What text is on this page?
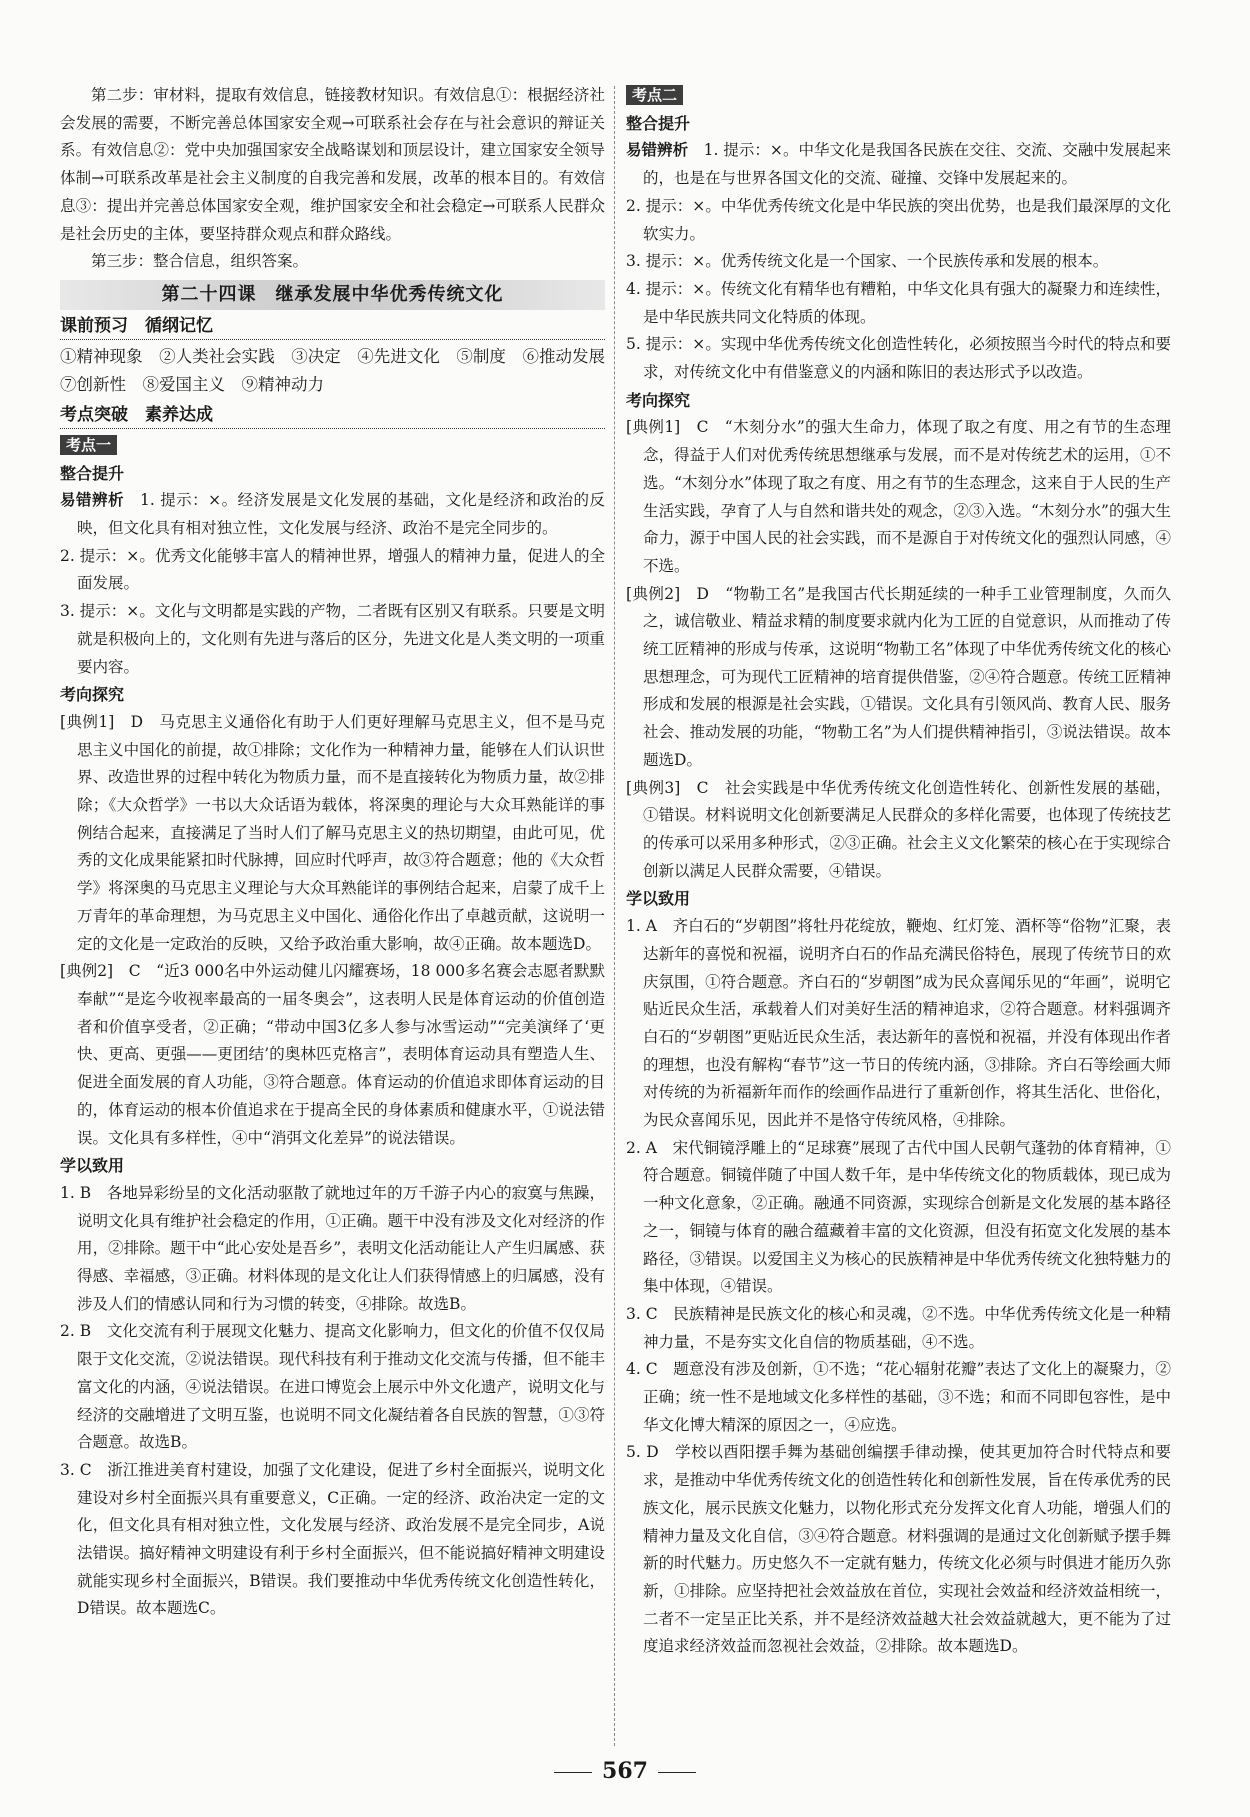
第二步：审材料，提取有效信息，链接教材知识。有效信息①：根据经济社会发展的需要，不断完善总体国家安全观→可联系社会存在与社会意识的辩证关系。有效信息②：党中央加强国家安全战略谋划和顶层设计，建立国家安全领导体制→可联系改革是社会主义制度的自我完善和发展，改革的根本目的。有效信息③：提出并完善总体国家安全观，维护国家安全和社会稳定→可联系人民群众是社会历史的主体，要坚持群众观点和群众路线。

第三步：整合信息，组织答案。

第二十四课　继承发展中华优秀传统文化
课前预习　循纲记忆

①精神现象　②人类社会实践　③决定　④先进文化　⑤制度　⑥推动发展　⑦创新性　⑧爱国主义　⑨精神动力

考点突破　素养达成
考点一
整合提升

易错辨析　 1. 提示：×。经济发展是文化发展的基础，文化是经济和政治的反映，但文化具有相对独立性，文化发展与经济、政治不是完全同步的。

2. 提示：×。优秀文化能够丰富人的精神世界，增强人的精神力量，促进人的全面发展。

3. 提示：×。文化与文明都是实践的产物，二者既有区别又有联系。只要是文明就是积极向上的，文化则有先进与落后的区分，先进文化是人类文明的一项重要内容。

考向探究

[典例1]　D　马克思主义通俗化有助于人们更好理解马克思主义，但不是马克思主义中国化的前提，故①排除；文化作为一种精神力量，能够在人们认识世界、改造世界的过程中转化为物质力量，而不是直接转化为物质力量，故②排除；《大众哲学》一书以大众话语为载体，将深奥的理论与大众耳熟能详的事例结合起来，直接满足了当时人们了解马克思主义的热切期望，由此可见，优秀的文化成果能紧扣时代脉搏，回应时代呼声，故③符合题意；他的《大众哲学》将深奥的马克思主义理论与大众耳熟能详的事例结合起来，启蒙了成千上万青年的革命理想，为马克思主义中国化、通俗化作出了卓越贡献，这说明一定的文化是一定政治的反映，又给予政治重大影响，故④正确。故本题选D。

[典例2]　C　“近3 000名中外运动健儿闪耀赛场，18 000多名赛会志愿者默默奉献”“是迄今收视率最高的一届冬奥会”，这表明人民是体育运动的价值创造者和价值享受者，②正确；“带动中国3亿多人参与冰雪运动”“完美演绎了‘更快、更高、更强——更团结’的奥林匹克格言”，表明体育运动具有塑造人生、促进全面发展的育人功能，③符合题意。体育运动的价值追求即体育运动的目的，体育运动的根本价值追求在于提高全民的身体素质和健康水平，①说法错误。文化具有多样性，④中“消弭文化差异”的说法错误。

学以致用

1. B　各地异彩纷呈的文化活动驱散了就地过年的万千游子内心的寂寞与焦躁，说明文化具有维护社会稳定的作用，①正确。题干中没有涉及文化对经济的作用，②排除。题干中“此心安处是吾乡”，表明文化活动能让人产生归属感、获得感、幸福感，③正确。材料体现的是文化让人们获得情感上的归属感，没有涉及人们的情感认同和行为习惯的转变，④排除。故选B。

2. B　文化交流有利于展现文化魅力、提高文化影响力，但文化的价值不仅仅局限于文化交流，②说法错误。现代科技有利于推动文化交流与传播，但不能丰富文化的内涵，④说法错误。在进口博览会上展示中外文化遗产，说明文化与经济的交融增进了文明互鉴，也说明不同文化凝结着各自民族的智慧，①③符合题意。故选B。

3. C　浙江推进美育村建设，加强了文化建设，促进了乡村全面振兴，说明文化建设对乡村全面振兴具有重要意义，C正确。一定的经济、政治决定一定的文化，但文化具有相对独立性，文化发展与经济、政治发展不是完全同步，A说法错误。搞好精神文明建设有利于乡村全面振兴，但不能说搞好精神文明建设就能实现乡村全面振兴，B错误。我们要推动中华优秀传统文化创造性转化，D错误。故本题选C。

考点二
整合提升

易错辨析　 1. 提示：×。中华文化是我国各民族在交往、交流、交融中发展起来的，也是在与世界各国文化的交流、碰撞、交锋中发展起来的。

2. 提示：×。中华优秀传统文化是中华民族的突出优势，也是我们最深厚的文化软实力。

3. 提示：×。优秀传统文化是一个国家、一个民族传承和发展的根本。

4. 提示：×。传统文化有精华也有糟粕，中华文化具有强大的凝聚力和连续性，是中华民族共同文化特质的体现。

5. 提示：×。实现中华优秀传统文化创造性转化，必须按照当今时代的特点和要求，对传统文化中有借鉴意义的内涵和陈旧的表达形式予以改造。

考向探究

[典例1]　C　“木刻分水”的强大生命力，体现了取之有度、用之有节的生态理念，得益于人们对优秀传统思想继承与发展，而不是对传统艺术的运用，①不选。“木刻分水”体现了取之有度、用之有节的生态理念，这来自于人民的生产生活实践，孕育了人与自然和谐共处的观念，②③入选。“木刻分水”的强大生命力，源于中国人民的社会实践，而不是源自于对传统文化的强烈认同感，④不选。

[典例2]　D　“物勒工名”是我国古代长期延续的一种手工业管理制度，久而久之，诚信敬业、精益求精的制度要求就内化为工匠的自觉意识，从而推动了传统工匠精神的形成与传承，这说明“物勒工名”体现了中华优秀传统文化的核心思想理念，可为现代工匠精神的培育提供借鉴，②④符合题意。传统工匠精神形成和发展的根源是社会实践，①错误。文化具有引领风尚、教育人民、服务社会、推动发展的功能，“物勒工名”为人们提供精神指引，③说法错误。故本题选D。

[典例3]　C　社会实践是中华优秀传统文化创造性转化、创新性发展的基础，①错误。材料说明文化创新要满足人民群众的多样化需要，也体现了传统技艺的传承可以采用多种形式，②③正确。社会主义文化繁荣的核心在于实现综合创新以满足人民群众需要，④错误。

学以致用

1. A　齐白石的“岁朝图”将牡丹花绽放，鞭炮、红灯笼、酒杯等“俗物”汇聚，表达新年的喜悦和祝福，说明齐白石的作品充满民俗特色，展现了传统节日的欢庆氛围，①符合题意。齐白石的“岁朝图”成为民众喜闻乐见的“年画”，说明它贴近民众生活，承载着人们对美好生活的精神追求，②符合题意。材料强调齐白石的“岁朝图”更贴近民众生活，表达新年的喜悦和祝福，并没有体现出作者的理想，也没有解构“春节”这一节日的传统内涵，③排除。齐白石等绘画大师对传统的为祈福新年而作的绘画作品进行了重新创作，将其生活化、世俗化，为民众喜闻乐见，因此并不是恪守传统风格，④排除。

2. A　宋代铜镜浮雕上的“足球赛”展现了古代中国人民朝气蓬勃的体育精神，①符合题意。铜镜伴随了中国人数千年，是中华传统文化的物质载体，现已成为一种文化意象，②正确。融通不同资源，实现综合创新是文化发展的基本路径之一，铜镜与体育的融合蕴藏着丰富的文化资源，但没有拓宽文化发展的基本路径，③错误。以爱国主义为核心的民族精神是中华优秀传统文化独特魅力的集中体现，④错误。

3. C　民族精神是民族文化的核心和灵魂，②不选。中华优秀传统文化是一种精神力量，不是夯实文化自信的物质基础，④不选。

4. C　题意没有涉及创新，①不选；“花心辐射花瓣”表达了文化上的凝聚力，②正确；统一性不是地域文化多样性的基础，③不选；和而不同即包容性，是中华文化博大精深的原因之一，④应选。

5. D　学校以酉阳摆手舞为基础创编摆手律动操，使其更加符合时代特点和要求，是推动中华优秀传统文化的创造性转化和创新性发展，旨在传承优秀的民族文化，展示民族文化魅力，以物化形式充分发挥文化育人功能，增强人们的精神力量及文化自信，③④符合题意。材料强调的是通过文化创新赋予摆手舞新的时代魅力。历史悠久不一定就有魅力，传统文化必须与时俱进才能历久弥新，①排除。应坚持把社会效益放在首位，实现社会效益和经济效益相统一，二者不一定呈正比关系，并不是经济效益越大社会效益就越大，更不能为了过度追求经济效益而忽视社会效益，②排除。故本题选D。

567
